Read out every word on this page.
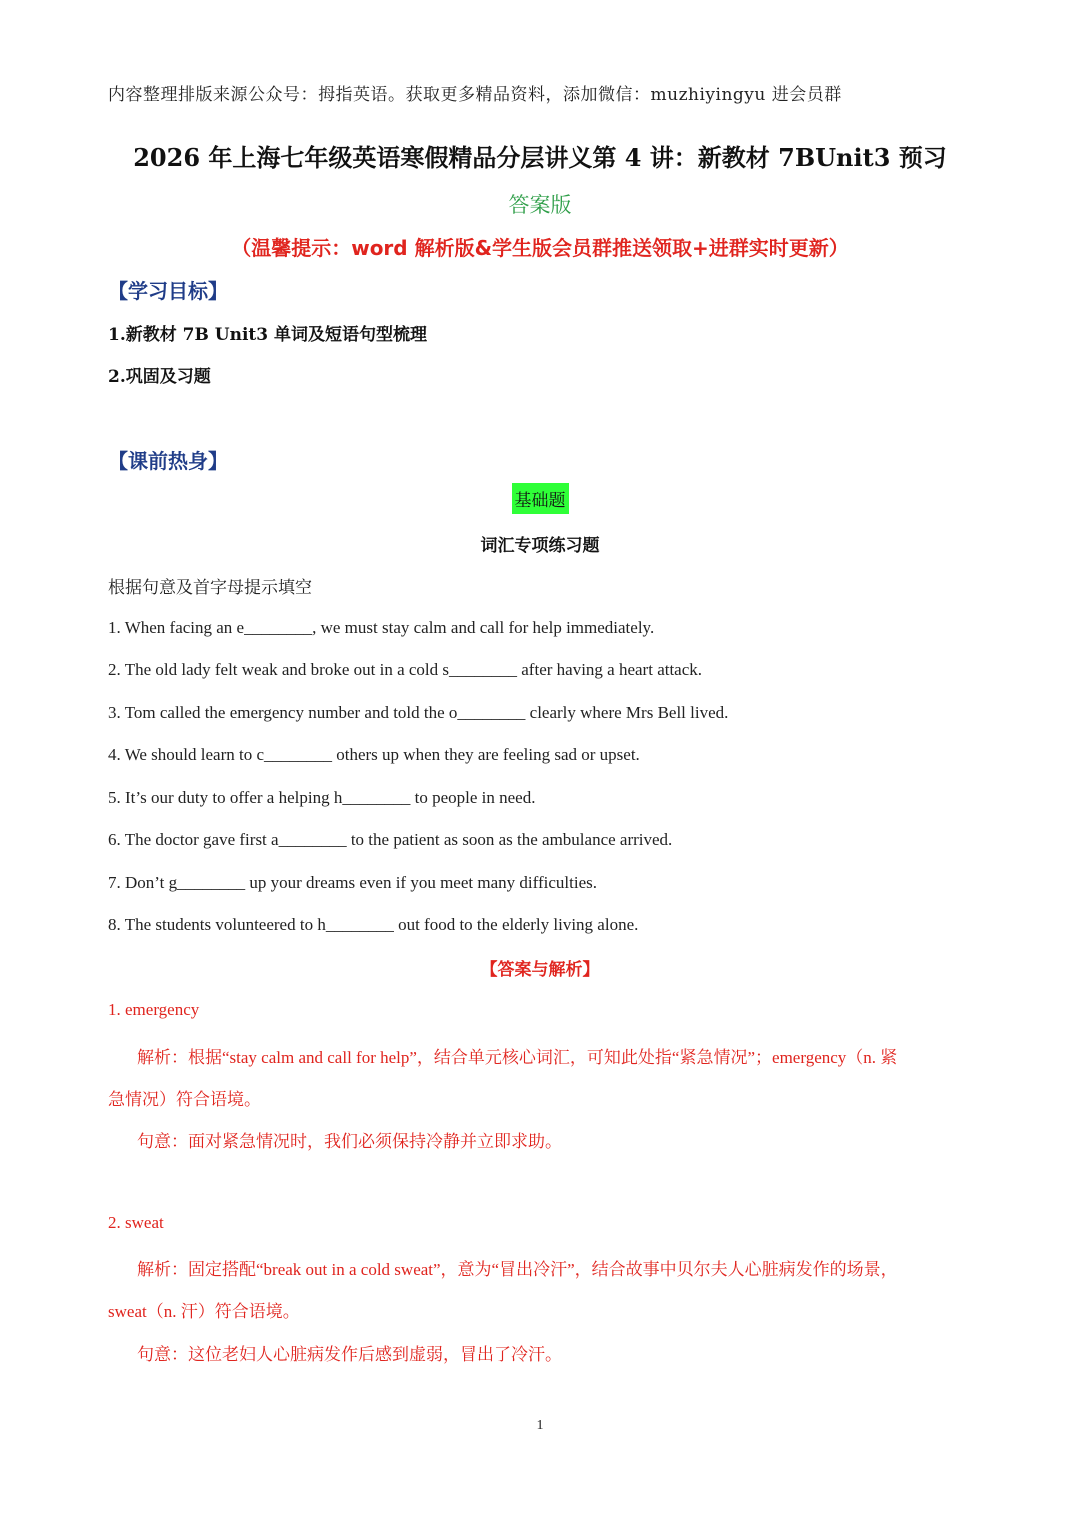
内容整理排版来源公众号：拇指英语。获取更多精品资料，添加微信：muzhiyingyu 进会员群
2026 年上海七年级英语寒假精品分层讲义第 4 讲：新教材 7BUnit3 预习
答案版
（温馨提示：word 解析版&学生版会员群推送领取+进群实时更新）
【学习目标】
1.新教材 7B Unit3 单词及短语句型梳理
2.巩固及习题
【课前热身】
基础题
词汇专项练习题
根据句意及首字母提示填空
1. When facing an e________, we must stay calm and call for help immediately.
2. The old lady felt weak and broke out in a cold s________ after having a heart attack.
3. Tom called the emergency number and told the o________ clearly where Mrs Bell lived.
4. We should learn to c________ others up when they are feeling sad or upset.
5. It’s our duty to offer a helping h________ to people in need.
6. The doctor gave first a________ to the patient as soon as the ambulance arrived.
7. Don’t g________ up your dreams even if you meet many difficulties.
8. The students volunteered to h________ out food to the elderly living alone.
【答案与解析】
1. emergency
解析：根据“stay calm and call for help”，结合单元核心词汇，可知此处指“紧急情况”；emergency（n. 紧
急情况）符合语境。
句意：面对紧急情况时，我们必须保持冷静并立即求助。
2. sweat
解析：固定搭配“break out in a cold sweat”，意为“冒出冷汗”，结合故事中贝尔夫人心脏病发作的场景，
sweat（n. 汗）符合语境。
句意：这位老妇人心脏病发作后感到虚弱，冒出了冷汗。
1
